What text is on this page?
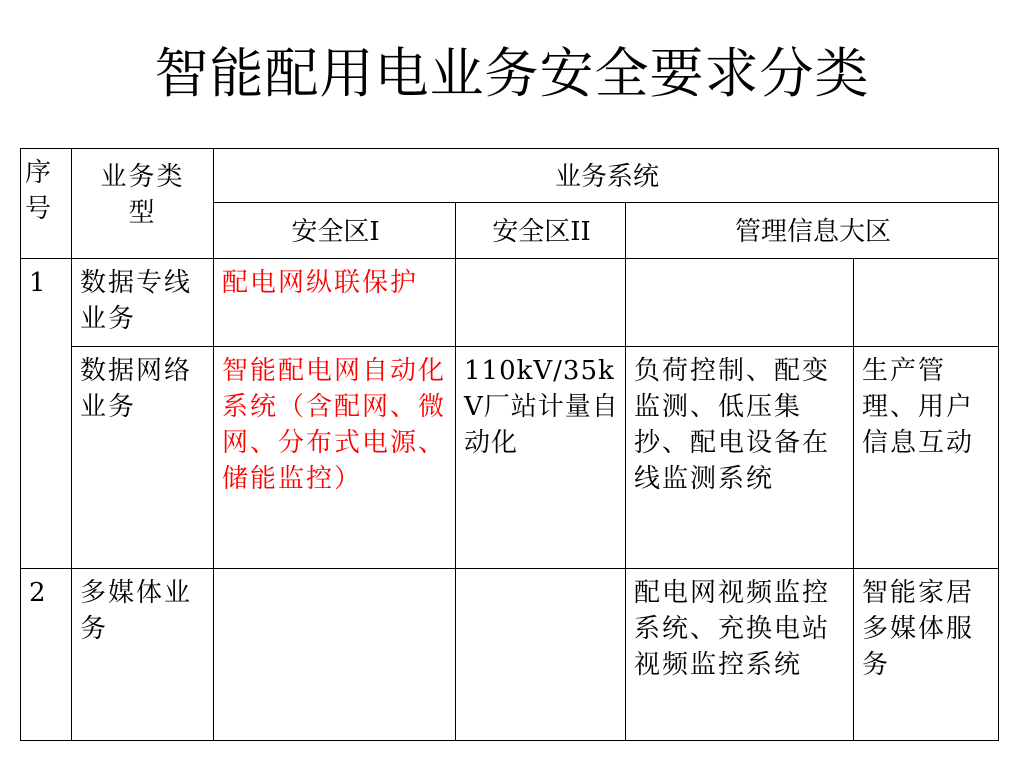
智能配用电业务安全要求分类
序号	业务类型	业务系统			
		安全区I	安全区II	管理信息大区	
1	数据专线业务	配电网纵联保护			
	数据网络业务	智能配电网自动化系统（含配网、微网、分布式电源、储能监控）	110kV/35kV厂站计量自动化	负荷控制、配变监测、低压集抄、配电设备在线监测系统	生产管理、用户信息互动
2	多媒体业务			配电网视频监控系统、充换电站视频监控系统	智能家居多媒体服务
